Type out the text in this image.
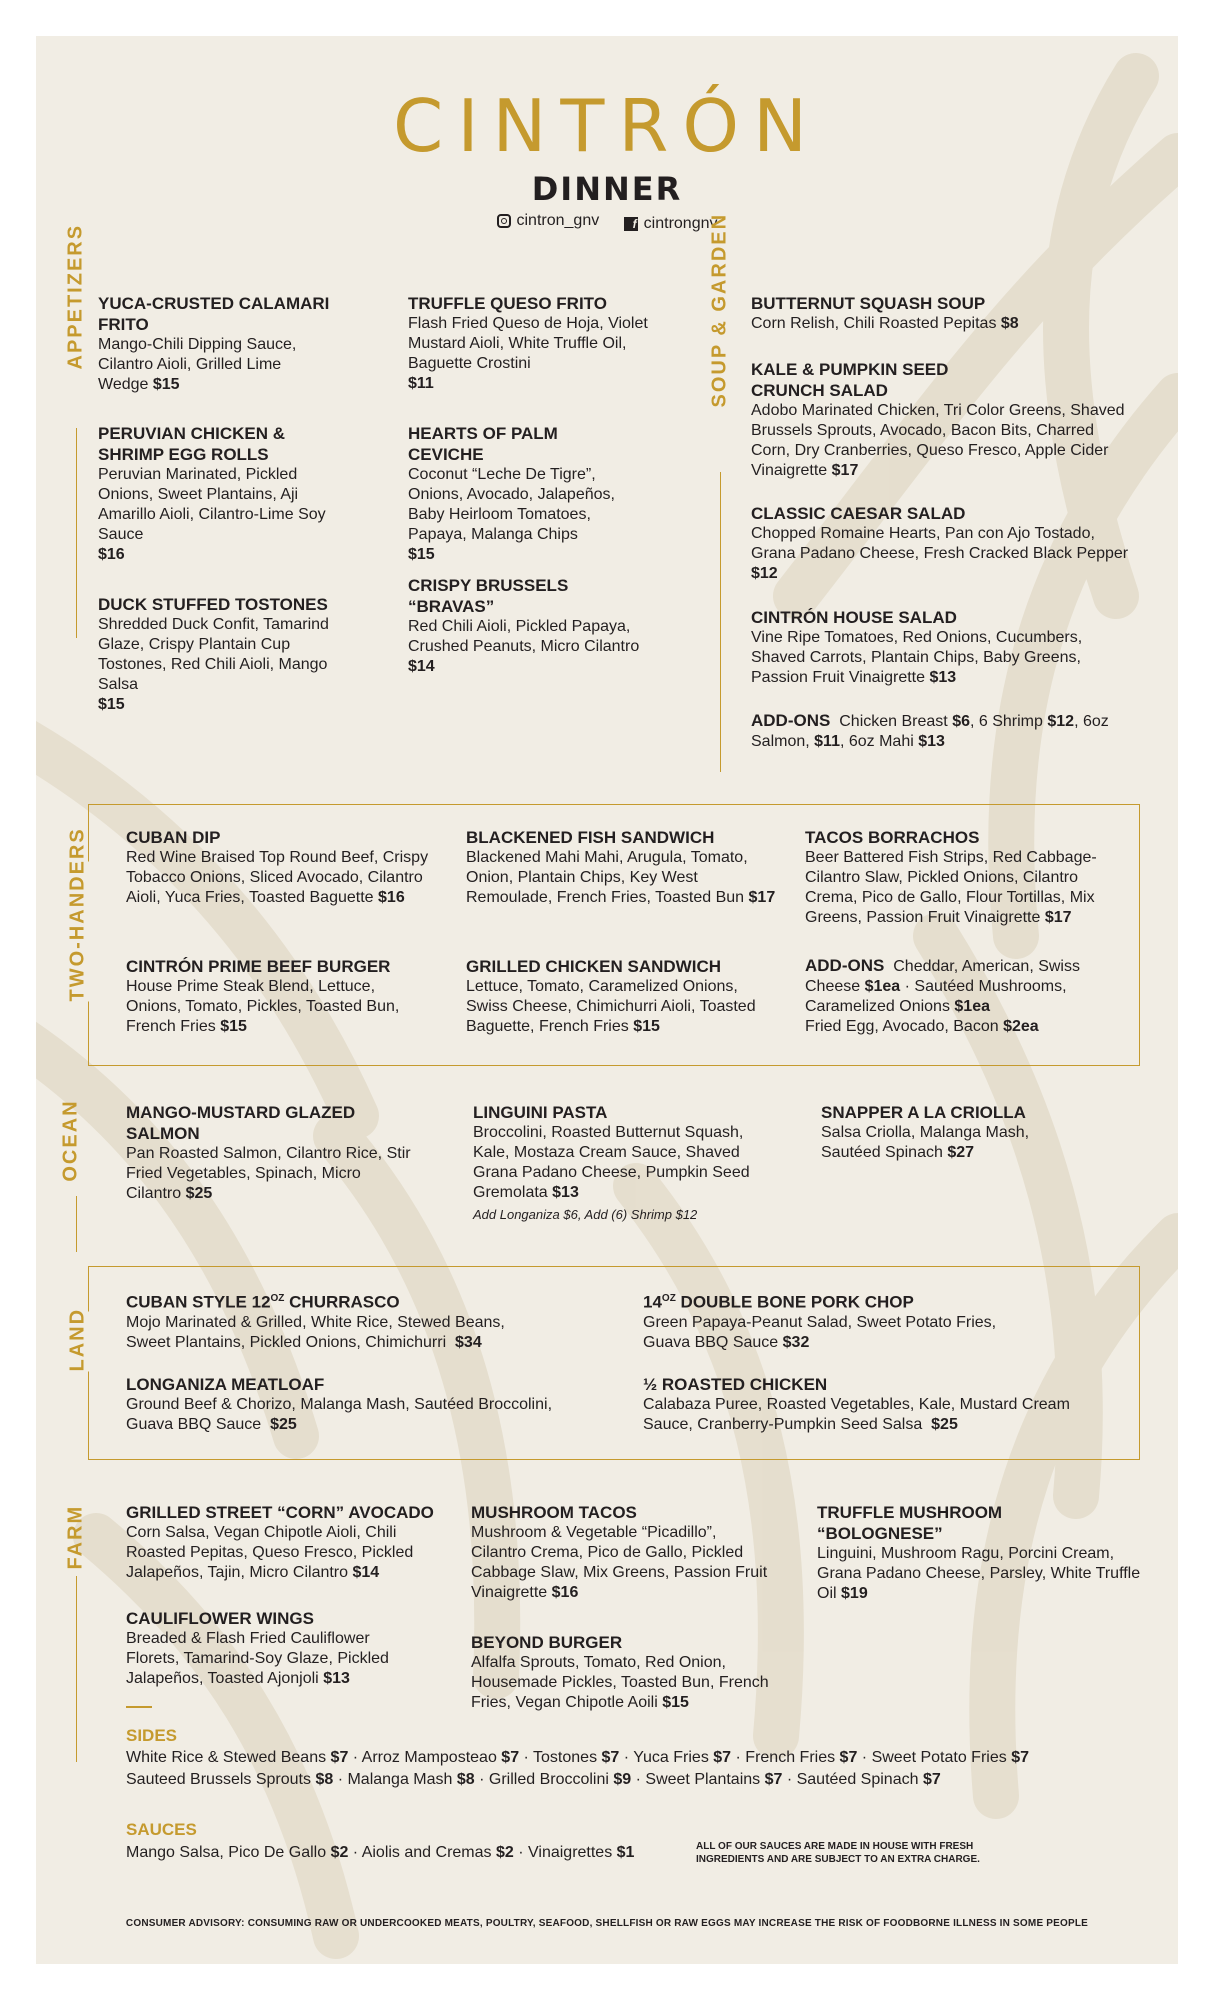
CINTRÓN
DINNER
cintron_gnv
	f cintrongnv
APPETIZERS YUCA-CRUSTED CALAMARI FRITO
Mango-Chili Dipping Sauce, Cilantro Aioli, Grilled Lime Wedge $15
PERUVIAN CHICKEN & SHRIMP EGG ROLLS
Peruvian Marinated, Pickled Onions, Sweet Plantains, Aji Amarillo Aioli, Cilantro-Lime Soy Sauce
$16
DUCK STUFFED TOSTONES
Shredded Duck Confit, Tamarind Glaze, Crispy Plantain Cup Tostones, Red Chili Aioli, Mango Salsa
$15
TRUFFLE QUESO FRITO
Flash Fried Queso de Hoja, Violet Mustard Aioli, White Truffle Oil, Baguette Crostini
$11
HEARTS OF PALM CEVICHE
Coconut “Leche De Tigre”, Onions, Avocado, Jalapeños, Baby Heirloom Tomatoes, Papaya, Malanga Chips
$15
CRISPY BRUSSELS “BRAVAS”
Red Chili Aioli, Pickled Papaya, Crushed Peanuts, Micro Cilantro
$14
SOUP & GARDEN BUTTERNUT SQUASH SOUP
Corn Relish, Chili Roasted Pepitas $8
KALE & PUMPKIN SEED CRUNCH SALAD
Adobo Marinated Chicken, Tri Color Greens, Shaved Brussels Sprouts, Avocado, Bacon Bits, Charred Corn, Dry Cranberries, Queso Fresco, Apple Cider Vinaigrette $17
CLASSIC CAESAR SALAD
Chopped Romaine Hearts, Pan con Ajo Tostado, Grana Padano Cheese, Fresh Cracked Black Pepper $12
CINTRÓN HOUSE SALAD
Vine Ripe Tomatoes, Red Onions, Cucumbers, Shaved Carrots, Plantain Chips, Baby Greens, Passion Fruit Vinaigrette $13
ADD-ONS Chicken Breast $6, 6 Shrimp $12, 6oz Salmon, $11, 6oz Mahi $13
TWO-HANDERS CUBAN DIP
Red Wine Braised Top Round Beef, Crispy Tobacco Onions, Sliced Avocado, Cilantro Aioli, Yuca Fries, Toasted Baguette $16
CINTRÓN PRIME BEEF BURGER
House Prime Steak Blend, Lettuce, Onions, Tomato, Pickles, Toasted Bun, French Fries $15
BLACKENED FISH SANDWICH
Blackened Mahi Mahi, Arugula, Tomato, Onion, Plantain Chips, Key West Remoulade, French Fries, Toasted Bun $17
GRILLED CHICKEN SANDWICH
Lettuce, Tomato, Caramelized Onions, Swiss Cheese, Chimichurri Aioli, Toasted Baguette, French Fries $15
TACOS BORRACHOS
Beer Battered Fish Strips, Red Cabbage-Cilantro Slaw, Pickled Onions, Cilantro Crema, Pico de Gallo, Flour Tortillas, Mix Greens, Passion Fruit Vinaigrette $17
ADD-ONS Cheddar, American, Swiss Cheese $1ea · Sautéed Mushrooms, Caramelized Onions $1ea
Fried Egg, Avocado, Bacon $2ea
OCEAN	MANGO-MUSTARD GLAZED SALMON
Pan Roasted Salmon, Cilantro Rice, Stir Fried Vegetables, Spinach, Micro Cilantro $25
LINGUINI PASTA
Broccolini, Roasted Butternut Squash, Kale, Mostaza Cream Sauce, Shaved Grana Padano Cheese, Pumpkin Seed Gremolata $13
Add Longaniza $6, Add (6) Shrimp $12
SNAPPER A LA CRIOLLA
Salsa Criolla, Malanga Mash, Sautéed Spinach $27
LAND
CUBAN STYLE $12^{OZ}$ CHURRASCO
Mojo Marinated & Grilled, White Rice, Stewed Beans, Sweet Plantains, Pickled Onions, Chimichurri $34
LONGANIZA MEATLOAF
Ground Beef & Chorizo, Malanga Mash, Sautéed Broccolini, Guava BBQ Sauce $25
$14^{OZ}$ DOUBLE BONE PORK CHOP
Green Papaya-Peanut Salad, Sweet Potato Fries, Guava BBQ Sauce $32
½ ROASTED CHICKEN
Calabaza Puree, Roasted Vegetables, Kale, Mustard Cream Sauce, Cranberry-Pumpkin Seed Salsa $25
FARM GRILLED STREET “CORN” AVOCADO
Corn Salsa, Vegan Chipotle Aioli, Chili Roasted Pepitas, Queso Fresco, Pickled Jalapeños, Tajin, Micro Cilantro $14
CAULIFLOWER WINGS
Breaded & Flash Fried Cauliflower Florets, Tamarind-Soy Glaze, Pickled Jalapeños, Toasted Ajonjoli $13
MUSHROOM TACOS
Mushroom & Vegetable “Picadillo”, Cilantro Crema, Pico de Gallo, Pickled Cabbage Slaw, Mix Greens, Passion Fruit Vinaigrette $16
BEYOND BURGER
Alfalfa Sprouts, Tomato, Red Onion, Housemade Pickles, Toasted Bun, French Fries, Vegan Chipotle Aoili $15
TRUFFLE MUSHROOM “BOLOGNESE”
Linguini, Mushroom Ragu, Porcini Cream, Grana Padano Cheese, Parsley, White Truffle Oil $19
SIDES
White Rice & Stewed Beans $7 · Arroz Mamposteao $7 · Tostones $7 · Yuca Fries $7 · French Fries $7 · Sweet Potato Fries $7
Sauteed Brussels Sprouts $8 · Malanga Mash $8 · Grilled Broccolini $9 · Sweet Plantains $7 · Sautéed Spinach $7
SAUCES
Mango Salsa, Pico De Gallo $2 · Aiolis and Cremas $2 · Vinaigrettes $1	ALL OF OUR SAUCES ARE MADE IN HOUSE WITH FRESH INGREDIENTS AND ARE SUBJECT TO AN EXTRA CHARGE.
CONSUMER ADVISORY: CONSUMING RAW OR UNDERCOOKED MEATS, POULTRY, SEAFOOD, SHELLFISH OR RAW EGGS MAY INCREASE THE RISK OF FOODBORNE ILLNESS IN SOME PEOPLE
